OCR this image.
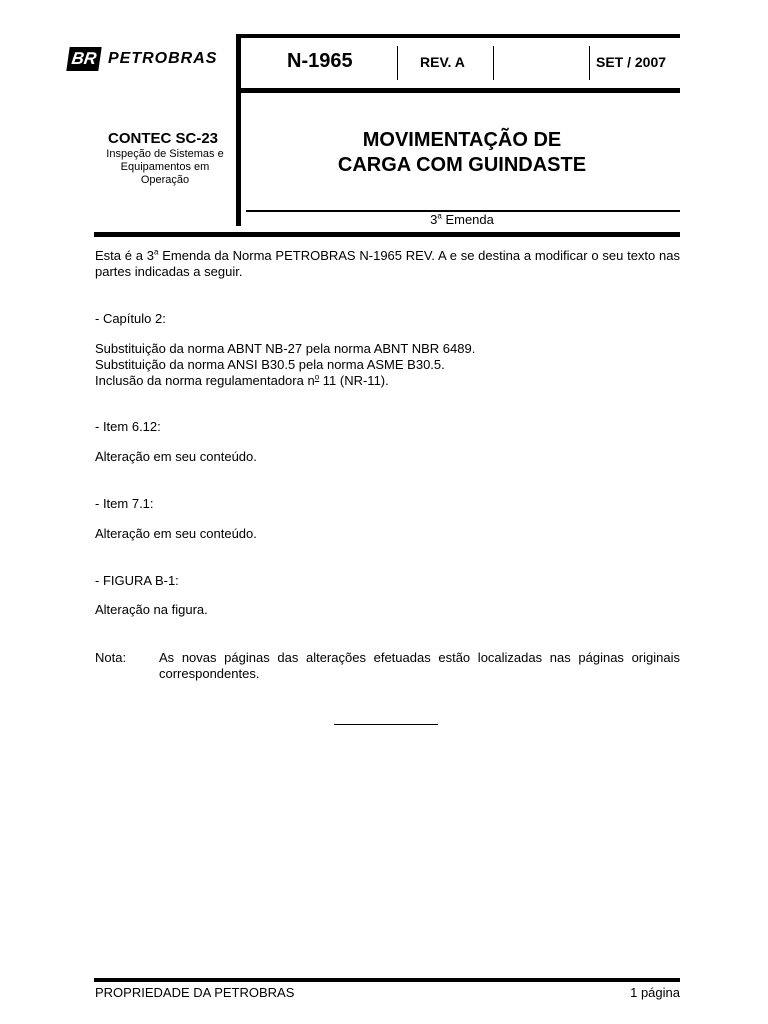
BR PETROBRAS	N-1965	REV. A	SET / 2007
CONTEC SC-23
Inspeção de Sistemas e Equipamentos em Operação
MOVIMENTAÇÃO DE
CARGA COM GUINDASTE
3$^a$ Emenda
Esta é a 3$^a$ Emenda da Norma PETROBRAS N-1965 REV. A e se destina a modificar o seu texto nas partes indicadas a seguir.
- Capítulo 2:
Substituição da norma ABNT NB-27 pela norma ABNT NBR 6489.
Substituição da norma ANSI B30.5 pela norma ASME B30.5.
Inclusão da norma regulamentadora $n^o$ 11 (NR-11).
- Item 6.12:
Alteração em seu conteúdo.
- Item 7.1:
Alteração em seu conteúdo.
- FIGURA B-1:
Alteração na figura.
Nota:	As novas páginas das alterações efetuadas estão localizadas nas páginas originais correspondentes.
PROPRIEDADE DA PETROBRAS	1 página
